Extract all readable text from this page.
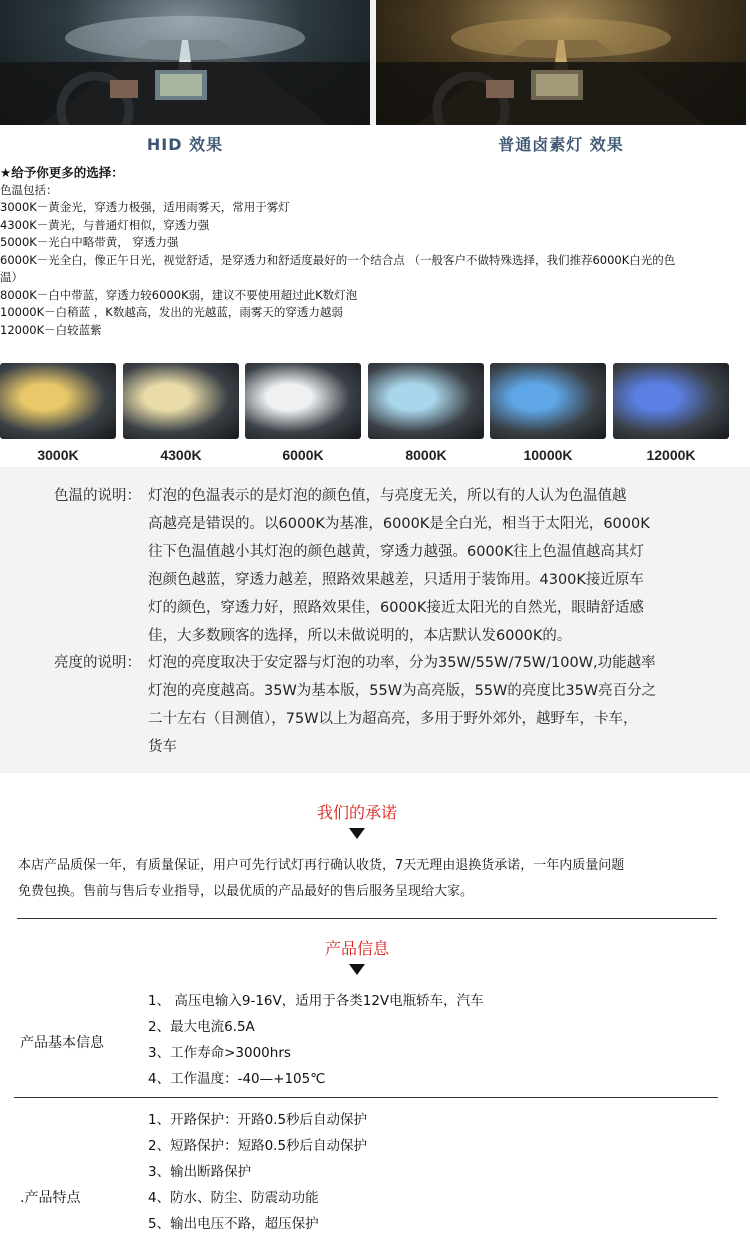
HID 效果	普通卤素灯 效果
★给予你更多的选择：
色温包括：
3000K－黄金光，穿透力极强，适用雨雾天，常用于雾灯
4300K－黄光，与普通灯相似，穿透力强
5000K－光白中略带黄， 穿透力强
6000K－光全白，像正午日光，视觉舒适，是穿透力和舒适度最好的一个结合点 （一般客户不做特殊选择，我们推荐6000K白光的色
温）
8000K－白中带蓝，穿透力较6000K弱，建议不要使用超过此K数灯泡
10000K－白稍蓝 ，K数越高，发出的光越蓝，雨雾天的穿透力越弱
12000K－白较蓝紫
3000K	4300K	6000K	8000K	10000K	12000K
色温的说明： 灯泡的色温表示的是灯泡的颜色值，与亮度无关，所以有的人认为色温值越
高越亮是错误的。以6000K为基准，6000K是全白光，相当于太阳光，6000K
往下色温值越小其灯泡的颜色越黄，穿透力越强。6000K往上色温值越高其灯
泡颜色越蓝，穿透力越差，照路效果越差，只适用于装饰用。4300K接近原车
灯的颜色，穿透力好，照路效果佳，6000K接近太阳光的自然光，眼睛舒适感
佳，大多数顾客的选择，所以未做说明的，本店默认发6000K的。
亮度的说明： 灯泡的亮度取决于安定器与灯泡的功率，分为35W/55W/75W/100W,功能越率
灯泡的亮度越高。35W为基本版，55W为高亮版，55W的亮度比35W亮百分之
二十左右（目测值），75W以上为超高亮，多用于野外郊外，越野车，卡车，
货车
我们的承诺
本店产品质保一年，有质量保证，用户可先行试灯再行确认收货，7天无理由退换货承诺，一年内质量问题
免费包换。售前与售后专业指导，以最优质的产品最好的售后服务呈现给大家。
产品信息
产品基本信息
1、 高压电输入9-16V，适用于各类12V电瓶轿车，汽车
2、最大电流6.5A
3、工作寿命>3000hrs
4、工作温度：-40—+105℃
.产品特点
1、开路保护：开路0.5秒后自动保护
2、短路保护：短路0.5秒后自动保护
3、输出断路保护
4、防水、防尘、防震动功能
5、输出电压不路，超压保护
